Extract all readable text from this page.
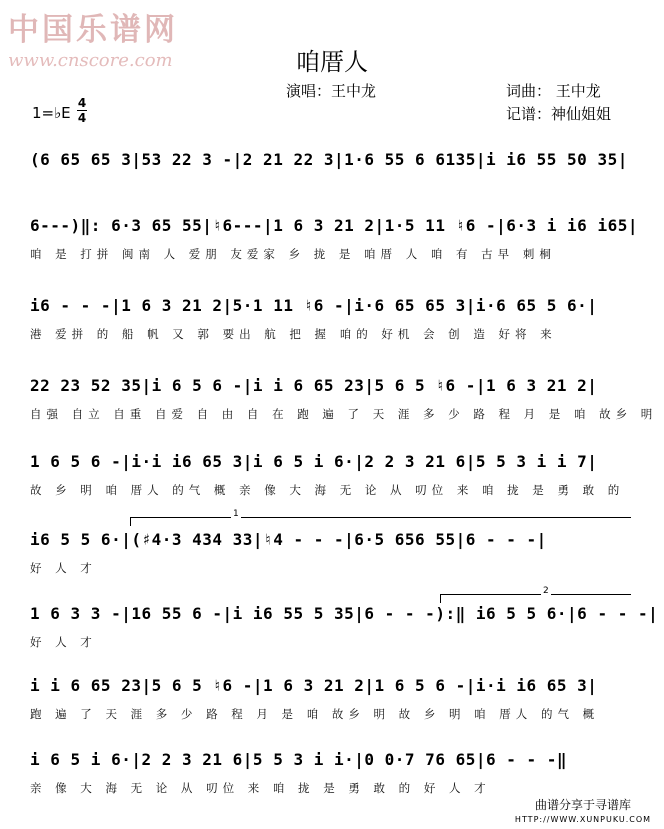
中国乐谱网
www.cnscore.com	咱厝人
演唱：王中龙	词曲： 王中龙
记谱：神仙姐姐
1=♭E
4
4
(6 65 65 3|53 22 3 -|2 21 22 3|1·6 55 6 6135|i i6 55 50 35|
6---)‖: 6·3 65 55|♮6---|1 6 3 21 2|1·5 11 ♮6 -|6·3 i i6 i65|
咱 是 打拼 闽南 人 爱朋 友爱家 乡 拢 是 咱厝 人 咱 有 古早 刺桐
i6 - - -|1 6 3 21 2|5·1 11 ♮6 -|i·6 65 65 3|i·6 65 5 6·|
港 爱拼 的 船 帆 又 郭 要出 航 把 握 咱的 好机 会 创 造 好将 来
22 23 52 35|i 6 5 6 -|i i 6 65 23|5 6 5 ♮6 -|1 6 3 21 2|
自强 自立 自重 自爱 自 由 自 在 跑 遍 了 天 涯 多 少 路 程 月 是 咱 故乡 明
1 6 5 6 -|i·i i6 65 3|i 6 5 i 6·|2 2 3 21 6|5 5 3 i i 7|
故 乡 明 咱 厝人 的气 概 亲 像 大 海 无 论 从 叨位 来 咱 拢 是 勇 敢 的
i6 5 5 6·|(♯4·3 434 33|♮4 - - -|6·5 656 55|6 - - -|
好 人 才
1 6 3 3 -|16 55 6 -|i i6 55 5 35|6 - - -):‖ i6 5 5 6·|6 - - -|
好 人 才
i i 6 65 23|5 6 5 ♮6 -|1 6 3 21 2|1 6 5 6 -|i·i i6 65 3|
跑 遍 了 天 涯 多 少 路 程 月 是 咱 故乡 明 故 乡 明 咱 厝人 的气 概
i 6 5 i 6·|2 2 3 21 6|5 5 3 i i·|0 0·7 76 65|6 - - -‖
亲 像 大 海 无 论 从 叨位 来 咱 拢 是 勇 敢 的 好 人 才
1
2
曲谱分享于寻谱库
HTTP://WWW.XUNPUKU.COM
